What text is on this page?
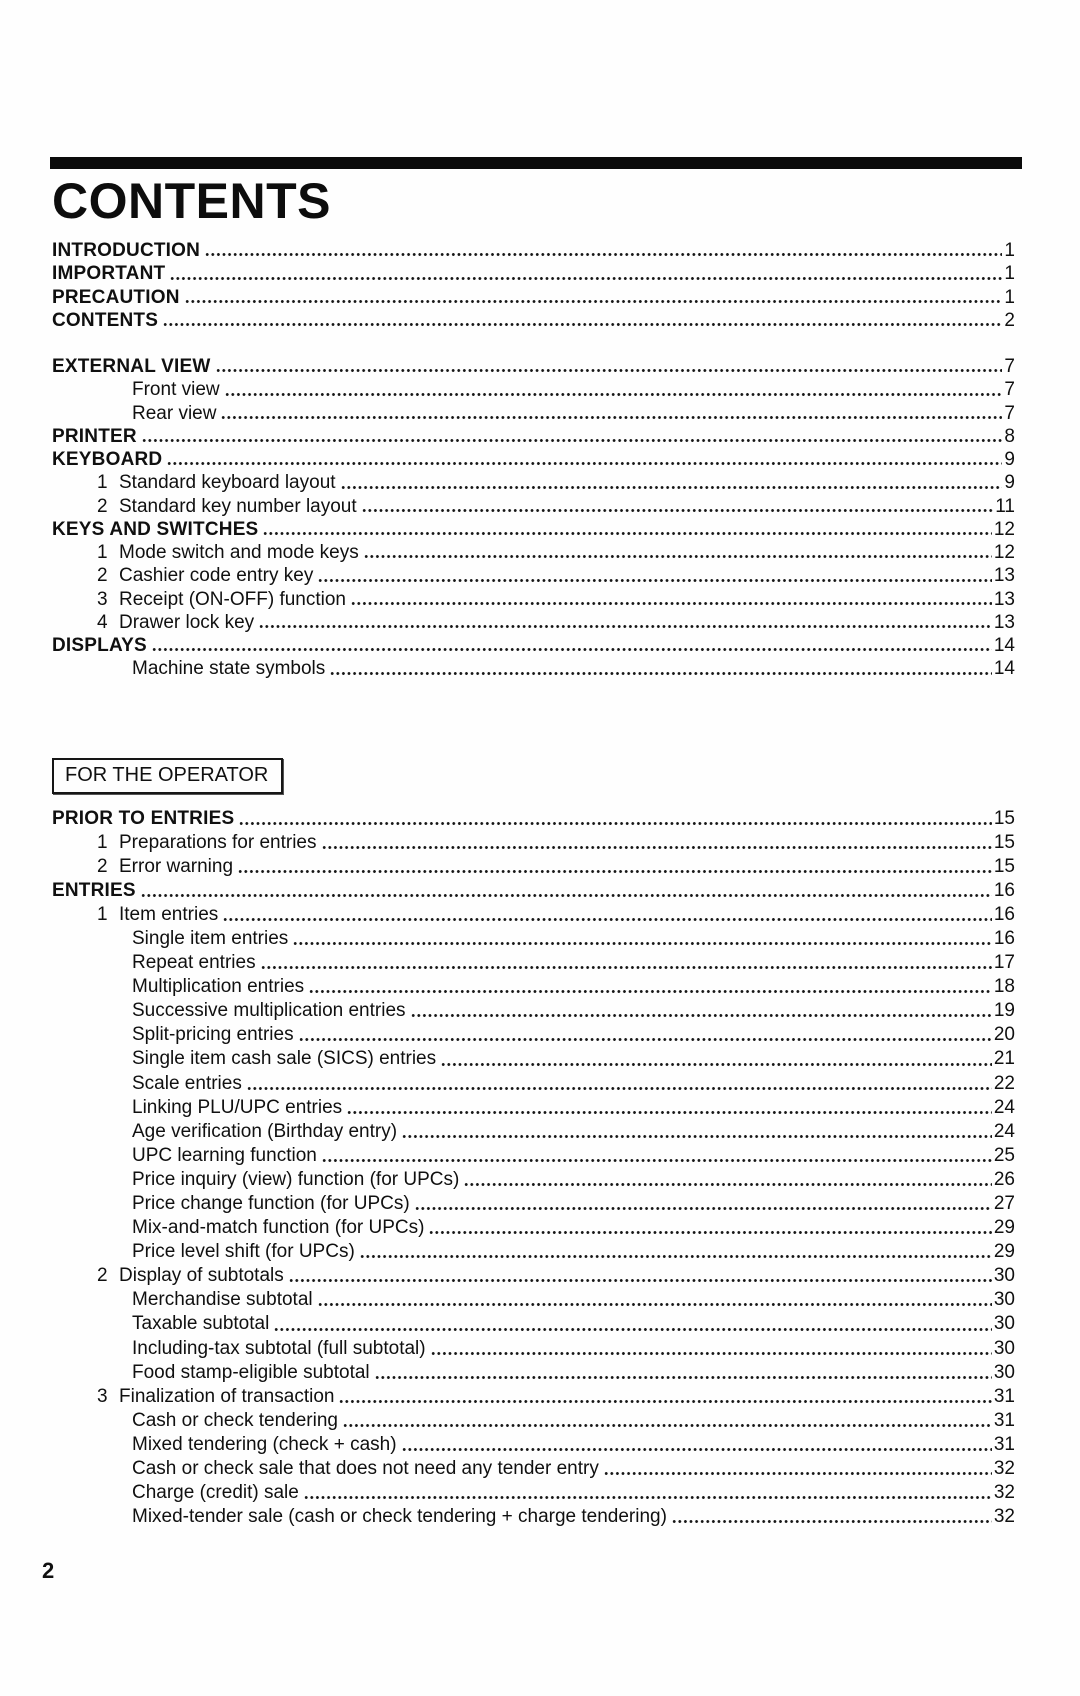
CONTENTS
INTRODUCTION	1
IMPORTANT	1
PRECAUTION	1
CONTENTS	2
EXTERNAL VIEW	7
Front view	7
Rear view	7
PRINTER	8
KEYBOARD	9
1 Standard keyboard layout	9
2 Standard key number layout	11
KEYS AND SWITCHES	12
1 Mode switch and mode keys	12
2 Cashier code entry key	13
3 Receipt (ON-OFF) function	13
4 Drawer lock key	13
DISPLAYS	14
Machine state symbols	14
FOR THE OPERATOR
PRIOR TO ENTRIES	15
1 Preparations for entries	15
2 Error warning	15
ENTRIES	16
1 Item entries	16
Single item entries	16
Repeat entries	17
Multiplication entries	18
Successive multiplication entries	19
Split-pricing entries	20
Single item cash sale (SICS) entries	21
Scale entries	22
Linking PLU/UPC entries	24
Age verification (Birthday entry)	24
UPC learning function	25
Price inquiry (view) function (for UPCs)	26
Price change function (for UPCs)	27
Mix-and-match function (for UPCs)	29
Price level shift (for UPCs)	29
2 Display of subtotals	30
Merchandise subtotal	30
Taxable subtotal	30
Including-tax subtotal (full subtotal)	30
Food stamp-eligible subtotal	30
3 Finalization of transaction	31
Cash or check tendering	31
Mixed tendering (check + cash)	31
Cash or check sale that does not need any tender entry	32
Charge (credit) sale	32
Mixed-tender sale (cash or check tendering + charge tendering)	32
2
